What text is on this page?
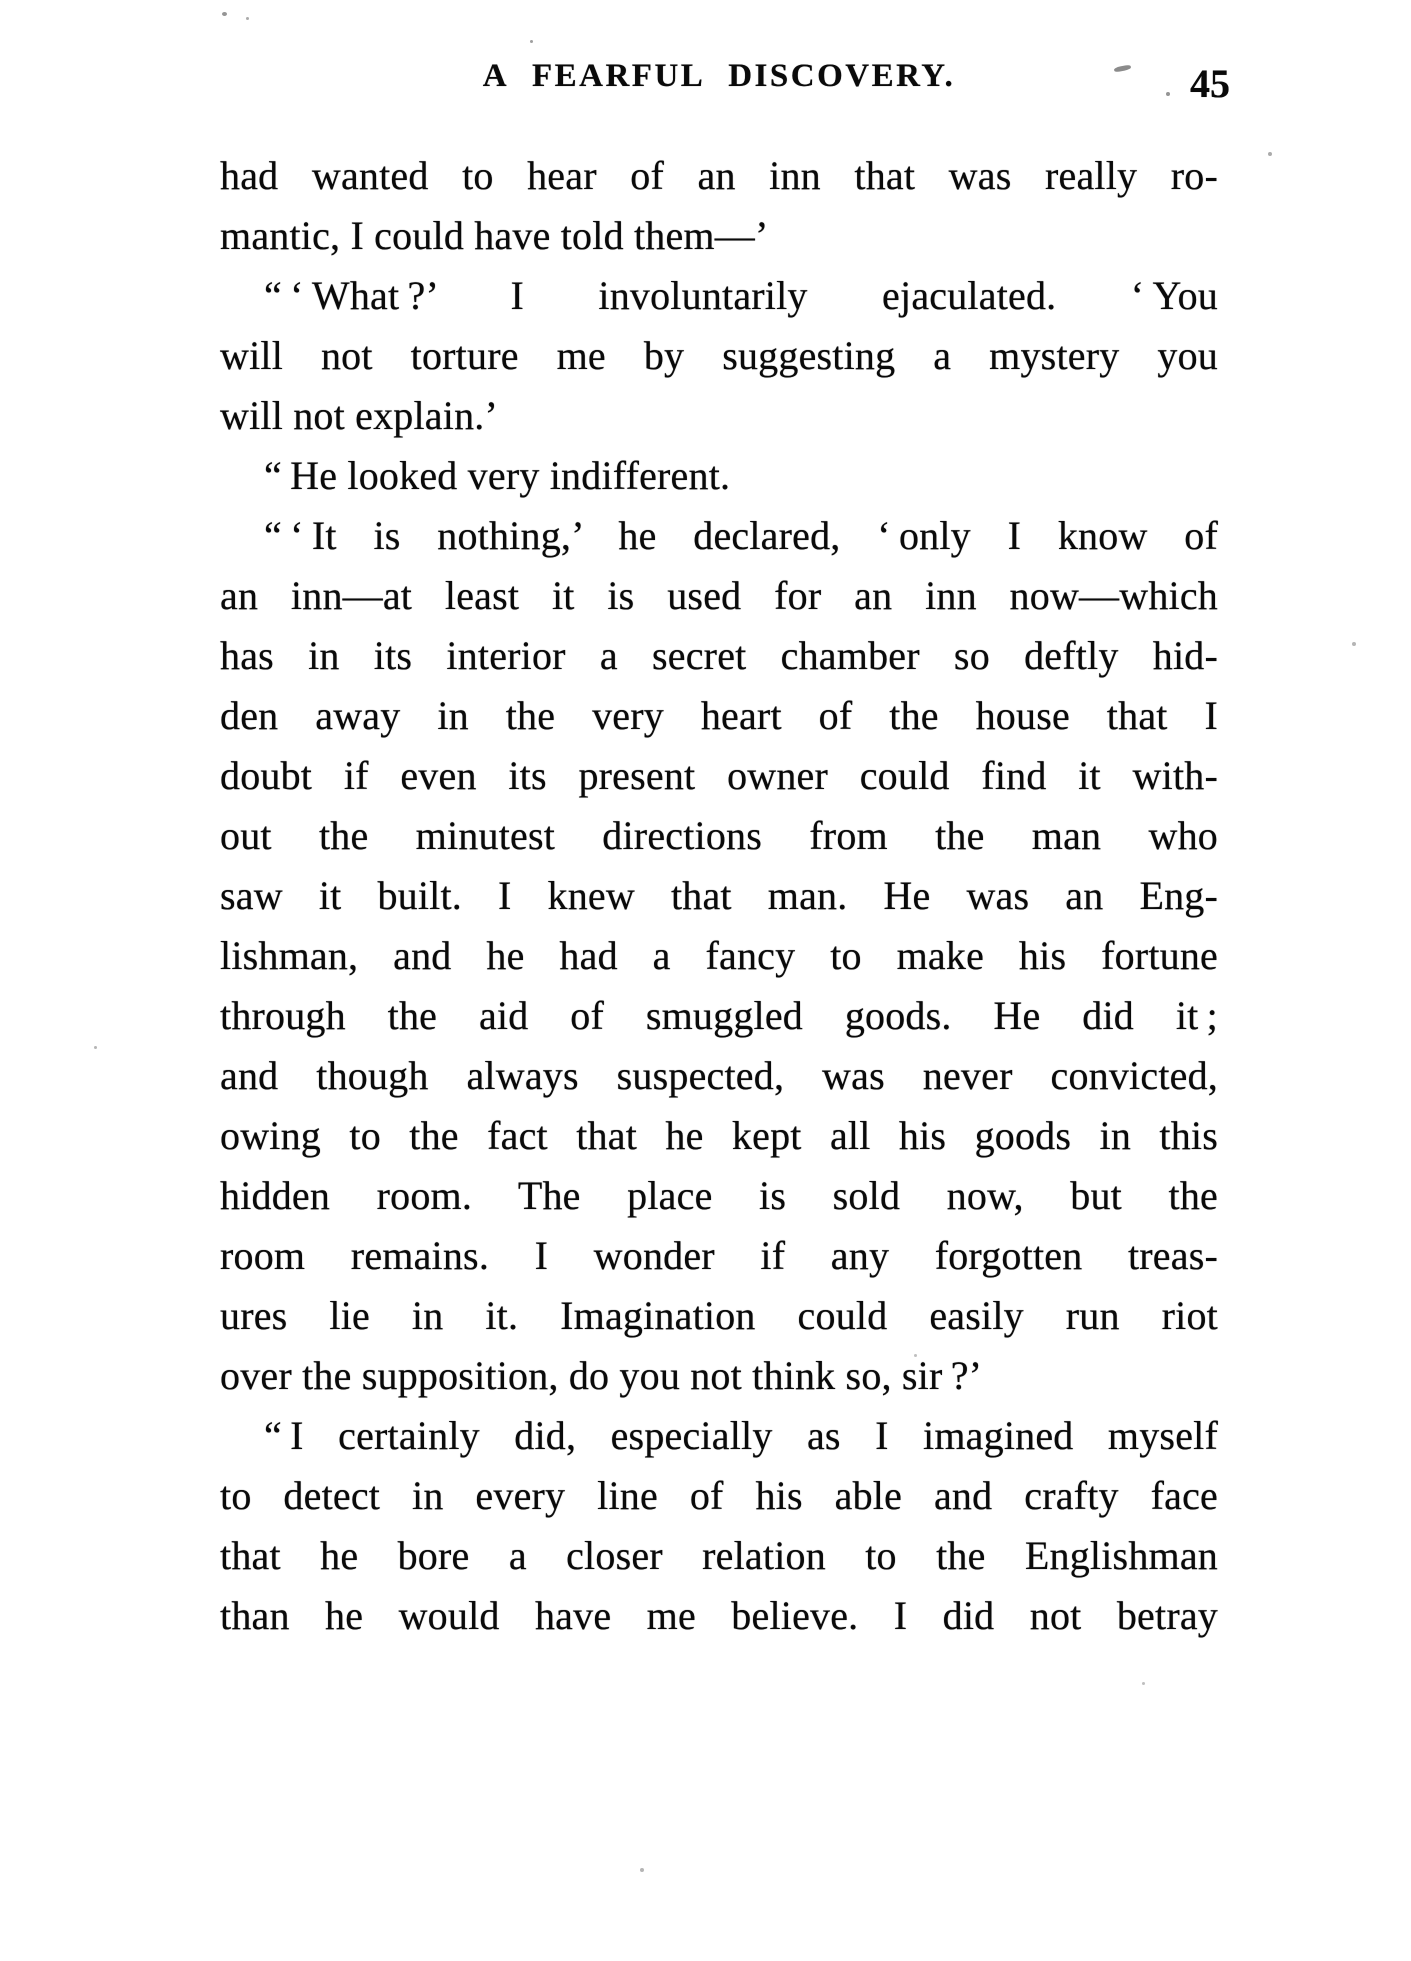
A FEARFUL DISCOVERY.	45
had wanted to hear of an inn that was really ro-
mantic, I could have told them—’
“ ‘ What ?’ I involuntarily ejaculated. ‘ You
will not torture me by suggesting a mystery you
will not explain.’
“ He looked very indifferent.
“ ‘ It is nothing,’ he declared, ‘ only I know of
an inn—at least it is used for an inn now—which
has in its interior a secret chamber so deftly hid-
den away in the very heart of the house that I
doubt if even its present owner could find it with-
out the minutest directions from the man who
saw it built. I knew that man. He was an Eng-
lishman, and he had a fancy to make his fortune
through the aid of smuggled goods. He did it ;
and though always suspected, was never convicted,
owing to the fact that he kept all his goods in this
hidden room. The place is sold now, but the
room remains. I wonder if any forgotten treas-
ures lie in it. Imagination could easily run riot
over the supposition, do you not think so, sir ?’
“ I certainly did, especially as I imagined myself
to detect in every line of his able and crafty face
that he bore a closer relation to the Englishman
than he would have me believe. I did not betray
